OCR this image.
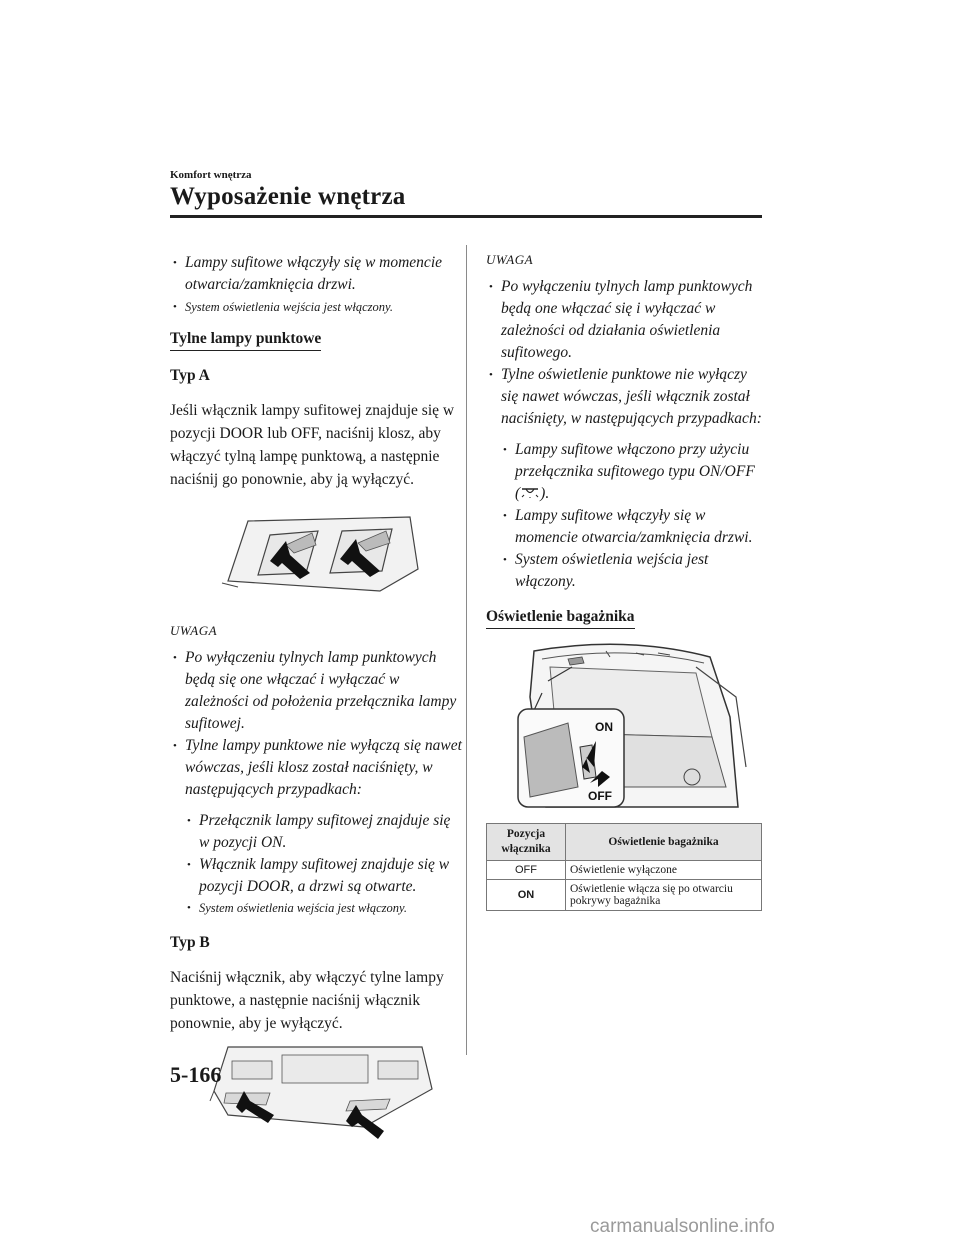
Komfort wnętrza
Wyposażenie wnętrza
• Lampy sufitowe włączyły się w momencie otwarcia/zamknięcia drzwi.
• System oświetlenia wejścia jest włączony.
Tylne lampy punktowe
Typ A
Jeśli włącznik lampy sufitowej znajduje się w pozycji DOOR lub OFF, naciśnij klosz, aby włączyć tylną lampę punktową, a następnie naciśnij go ponownie, aby ją wyłączyć.
UWAGA
• Po wyłączeniu tylnych lamp punktowych będą się one włączać i wyłączać w zależności od położenia przełącznika lampy sufitowej.
• Tylne lampy punktowe nie wyłączą się nawet wówczas, jeśli klosz został naciśnięty, w następujących przypadkach:
• Przełącznik lampy sufitowej znajduje się w pozycji ON.
• Włącznik lampy sufitowej znajduje się w pozycji DOOR, a drzwi są otwarte.
• System oświetlenia wejścia jest włączony.
Typ B
Naciśnij włącznik, aby włączyć tylne lampy punktowe, a następnie naciśnij włącznik ponownie, aby je wyłączyć.
UWAGA
• Po wyłączeniu tylnych lamp punktowych będą one włączać się i wyłączać w zależności od działania oświetlenia sufitowego.
• Tylne oświetlenie punktowe nie wyłączy się nawet wówczas, jeśli włącznik został naciśnięty, w następujących przypadkach:
• Lampy sufitowe włączono przy użyciu przełącznika sufitowego typu ON/OFF ( ).
• Lampy sufitowe włączyły się w momencie otwarcia/zamknięcia drzwi.
• System oświetlenia wejścia jest włączony.
Oświetlenie bagażnika
ON
OFF
Pozycja włącznika	Oświetlenie bagażnika
OFF	Oświetlenie wyłączone
ON	Oświetlenie włącza się po otwarciu pokrywy bagażnika
5-166
carmanualsonline.info
